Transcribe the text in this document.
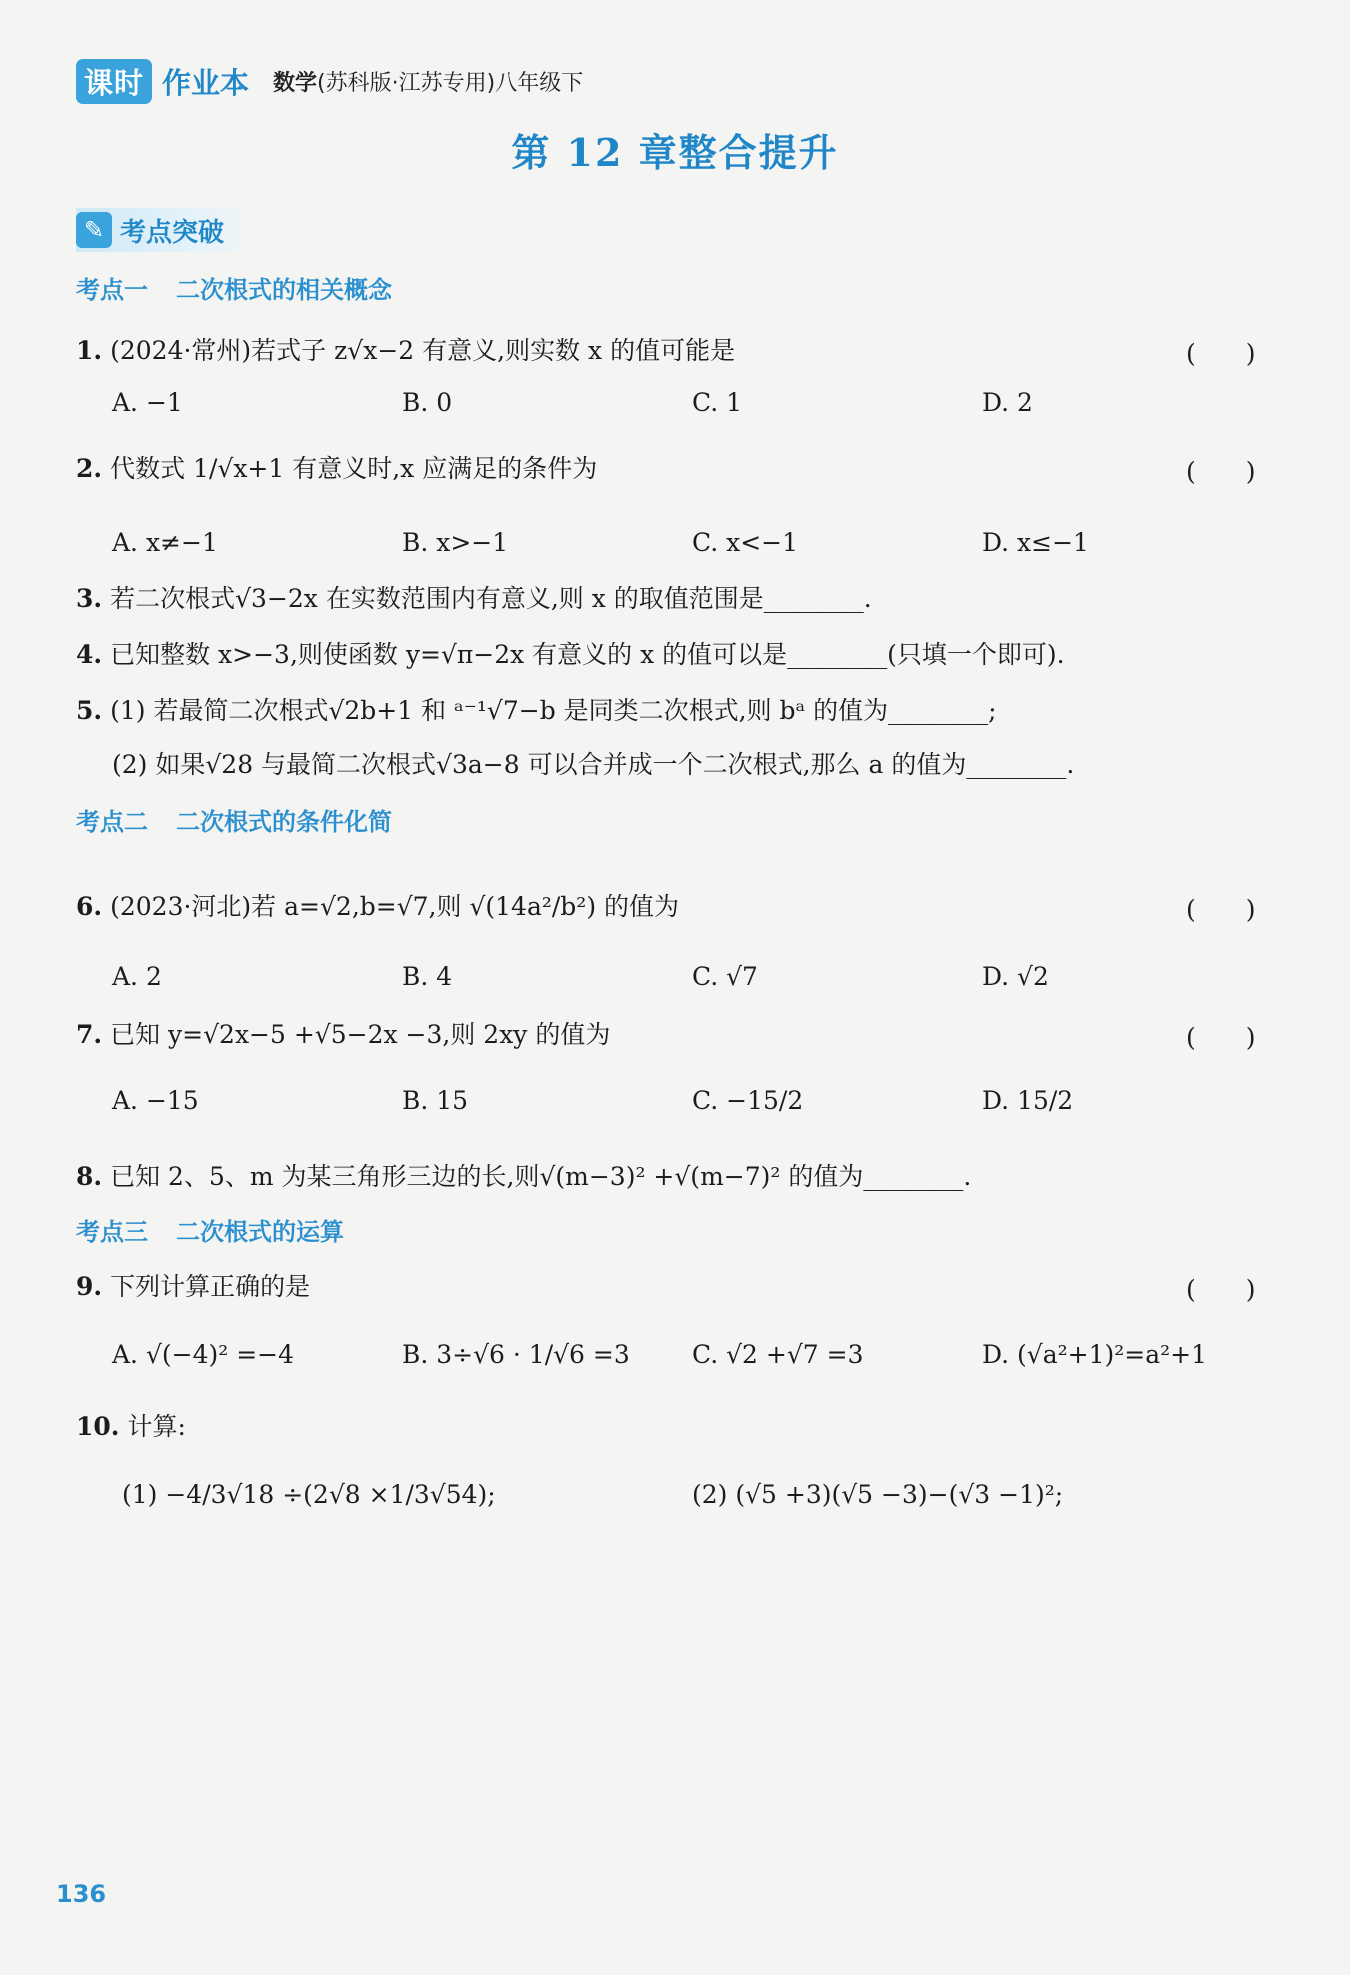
课时 作业本 数学(苏科版·江苏专用)八年级下
第 12 章整合提升
✎ 考点突破
考点一 二次根式的相关概念
1. (2024·常州)若式子 z√x−2 有意义,则实数 x 的值可能是	(　　)
A. −1	B. 0	C. 1	D. 2
2. 代数式 1/√x+1 有意义时,x 应满足的条件为	(　　)
A. x≠−1	B. x>−1	C. x<−1	D. x≤−1
3. 若二次根式√3−2x 在实数范围内有意义,则 x 的取值范围是________.
4. 已知整数 x>−3,则使函数 y=√π−2x 有意义的 x 的值可以是________(只填一个即可).
5. (1) 若最简二次根式√2b+1 和 ᵃ⁻¹√7−b 是同类二次根式,则 bᵃ 的值为________;
(2) 如果√28 与最简二次根式√3a−8 可以合并成一个二次根式,那么 a 的值为________.
考点二 二次根式的条件化简
6. (2023·河北)若 a=√2,b=√7,则 √(14a²/b²) 的值为	(　　)
A. 2	B. 4	C. √7	D. √2
7. 已知 y=√2x−5 +√5−2x −3,则 2xy 的值为	(　　)
A. −15	B. 15	C. −15/2	D. 15/2
8. 已知 2、5、m 为某三角形三边的长,则√(m−3)² +√(m−7)² 的值为________.
考点三 二次根式的运算
9. 下列计算正确的是	(　　)
A. √(−4)² =−4	B. 3÷√6 · 1/√6 =3 C. √2 +√7 =3	D. (√a²+1)²=a²+1
10. 计算:
(1) −4/3√18 ÷(2√8 ×1/3√54);	(2) (√5 +3)(√5 −3)−(√3 −1)²;
136
